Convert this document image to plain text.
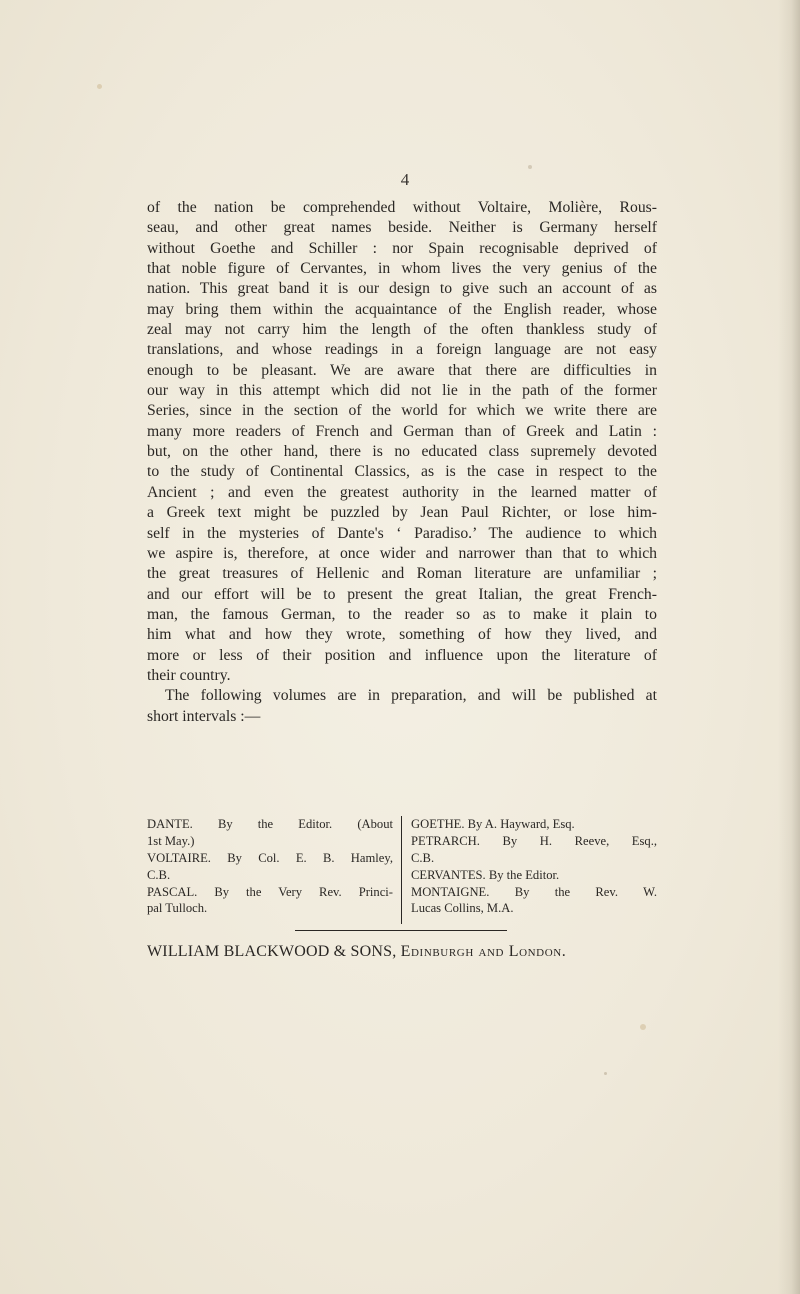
4
of the nation be comprehended without Voltaire, Molière, Rous-
seau, and other great names beside. Neither is Germany herself
without Goethe and Schiller : nor Spain recognisable deprived of
that noble figure of Cervantes, in whom lives the very genius of the
nation. This great band it is our design to give such an account of as
may bring them within the acquaintance of the English reader, whose
zeal may not carry him the length of the often thankless study of
translations, and whose readings in a foreign language are not easy
enough to be pleasant. We are aware that there are difficulties in
our way in this attempt which did not lie in the path of the former
Series, since in the section of the world for which we write there are
many more readers of French and German than of Greek and Latin :
but, on the other hand, there is no educated class supremely devoted
to the study of Continental Classics, as is the case in respect to the
Ancient ; and even the greatest authority in the learned matter of
a Greek text might be puzzled by Jean Paul Richter, or lose him-
self in the mysteries of Dante's ‘ Paradiso.’ The audience to which
we aspire is, therefore, at once wider and narrower than that to which
the great treasures of Hellenic and Roman literature are unfamiliar ;
and our effort will be to present the great Italian, the great French-
man, the famous German, to the reader so as to make it plain to
him what and how they wrote, something of how they lived, and
more or less of their position and influence upon the literature of
their country.
The following volumes are in preparation, and will be published at
short intervals :—
DANTE. By the Editor. (About
1st May.)
VOLTAIRE. By Col. E. B. Hamley,
C.B.
PASCAL. By the Very Rev. Princi-
pal Tulloch.
GOETHE. By A. Hayward, Esq.
PETRARCH. By H. Reeve, Esq.,
C.B.
CERVANTES. By the Editor.
MONTAIGNE. By the Rev. W.
Lucas Collins, M.A.
WILLIAM BLACKWOOD & SONS, Edinburgh and London.
